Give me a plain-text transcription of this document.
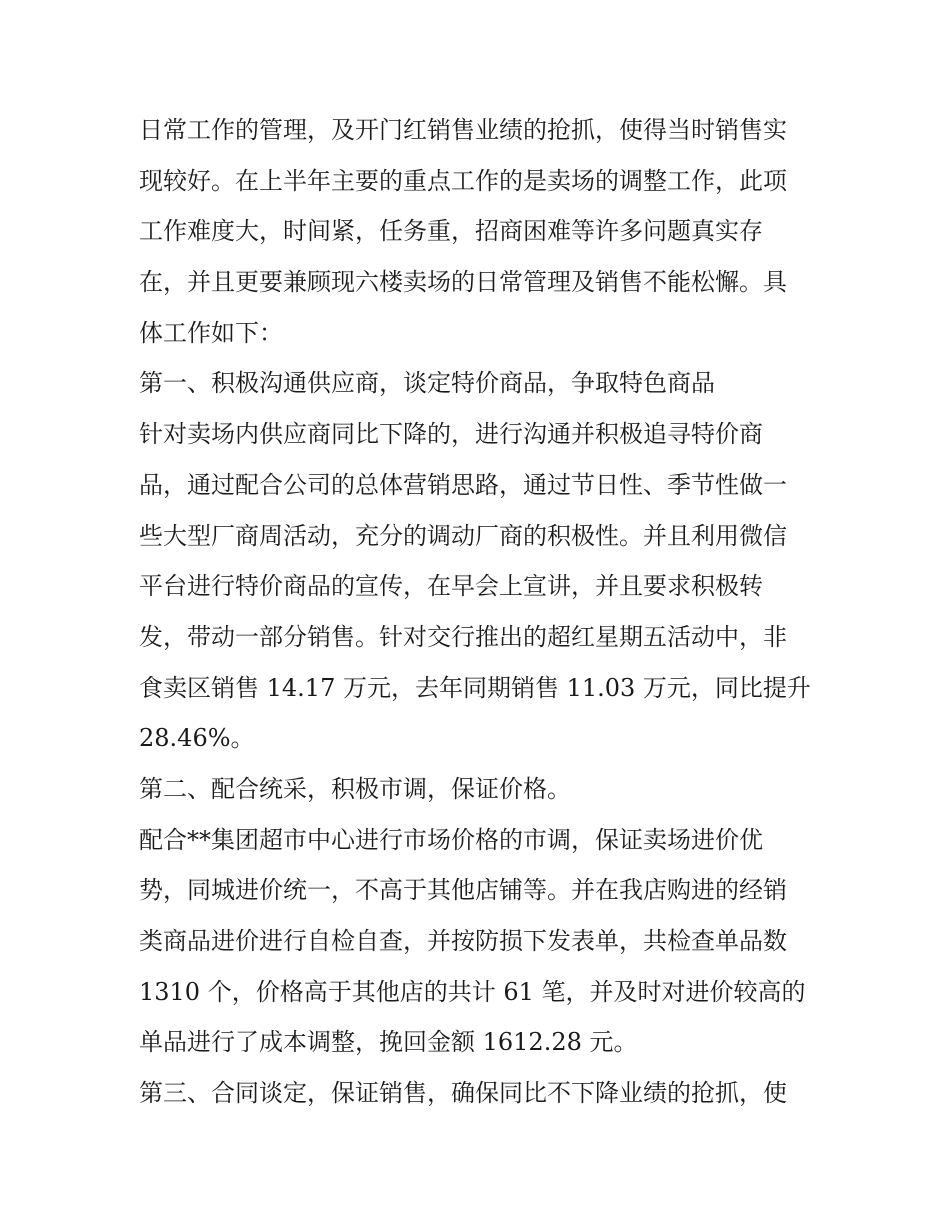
日常工作的管理，及开门红销售业绩的抢抓，使得当时销售实
现较好。在上半年主要的重点工作的是卖场的调整工作，此项
工作难度大，时间紧，任务重，招商困难等许多问题真实存
在，并且更要兼顾现六楼卖场的日常管理及销售不能松懈。具
体工作如下：
第一、积极沟通供应商，谈定特价商品，争取特色商品
针对卖场内供应商同比下降的，进行沟通并积极追寻特价商
品，通过配合公司的总体营销思路，通过节日性、季节性做一
些大型厂商周活动，充分的调动厂商的积极性。并且利用微信
平台进行特价商品的宣传，在早会上宣讲，并且要求积极转
发，带动一部分销售。针对交行推出的超红星期五活动中，非
食卖区销售 14.17 万元，去年同期销售 11.03 万元，同比提升
28.46%。
第二、配合统采，积极市调，保证价格。
配合**集团超市中心进行市场价格的市调，保证卖场进价优
势，同城进价统一，不高于其他店铺等。并在我店购进的经销
类商品进价进行自检自查，并按防损下发表单，共检查单品数
1310 个，价格高于其他店的共计 61 笔，并及时对进价较高的
单品进行了成本调整，挽回金额 1612.28 元。
第三、合同谈定，保证销售，确保同比不下降业绩的抢抓，使
